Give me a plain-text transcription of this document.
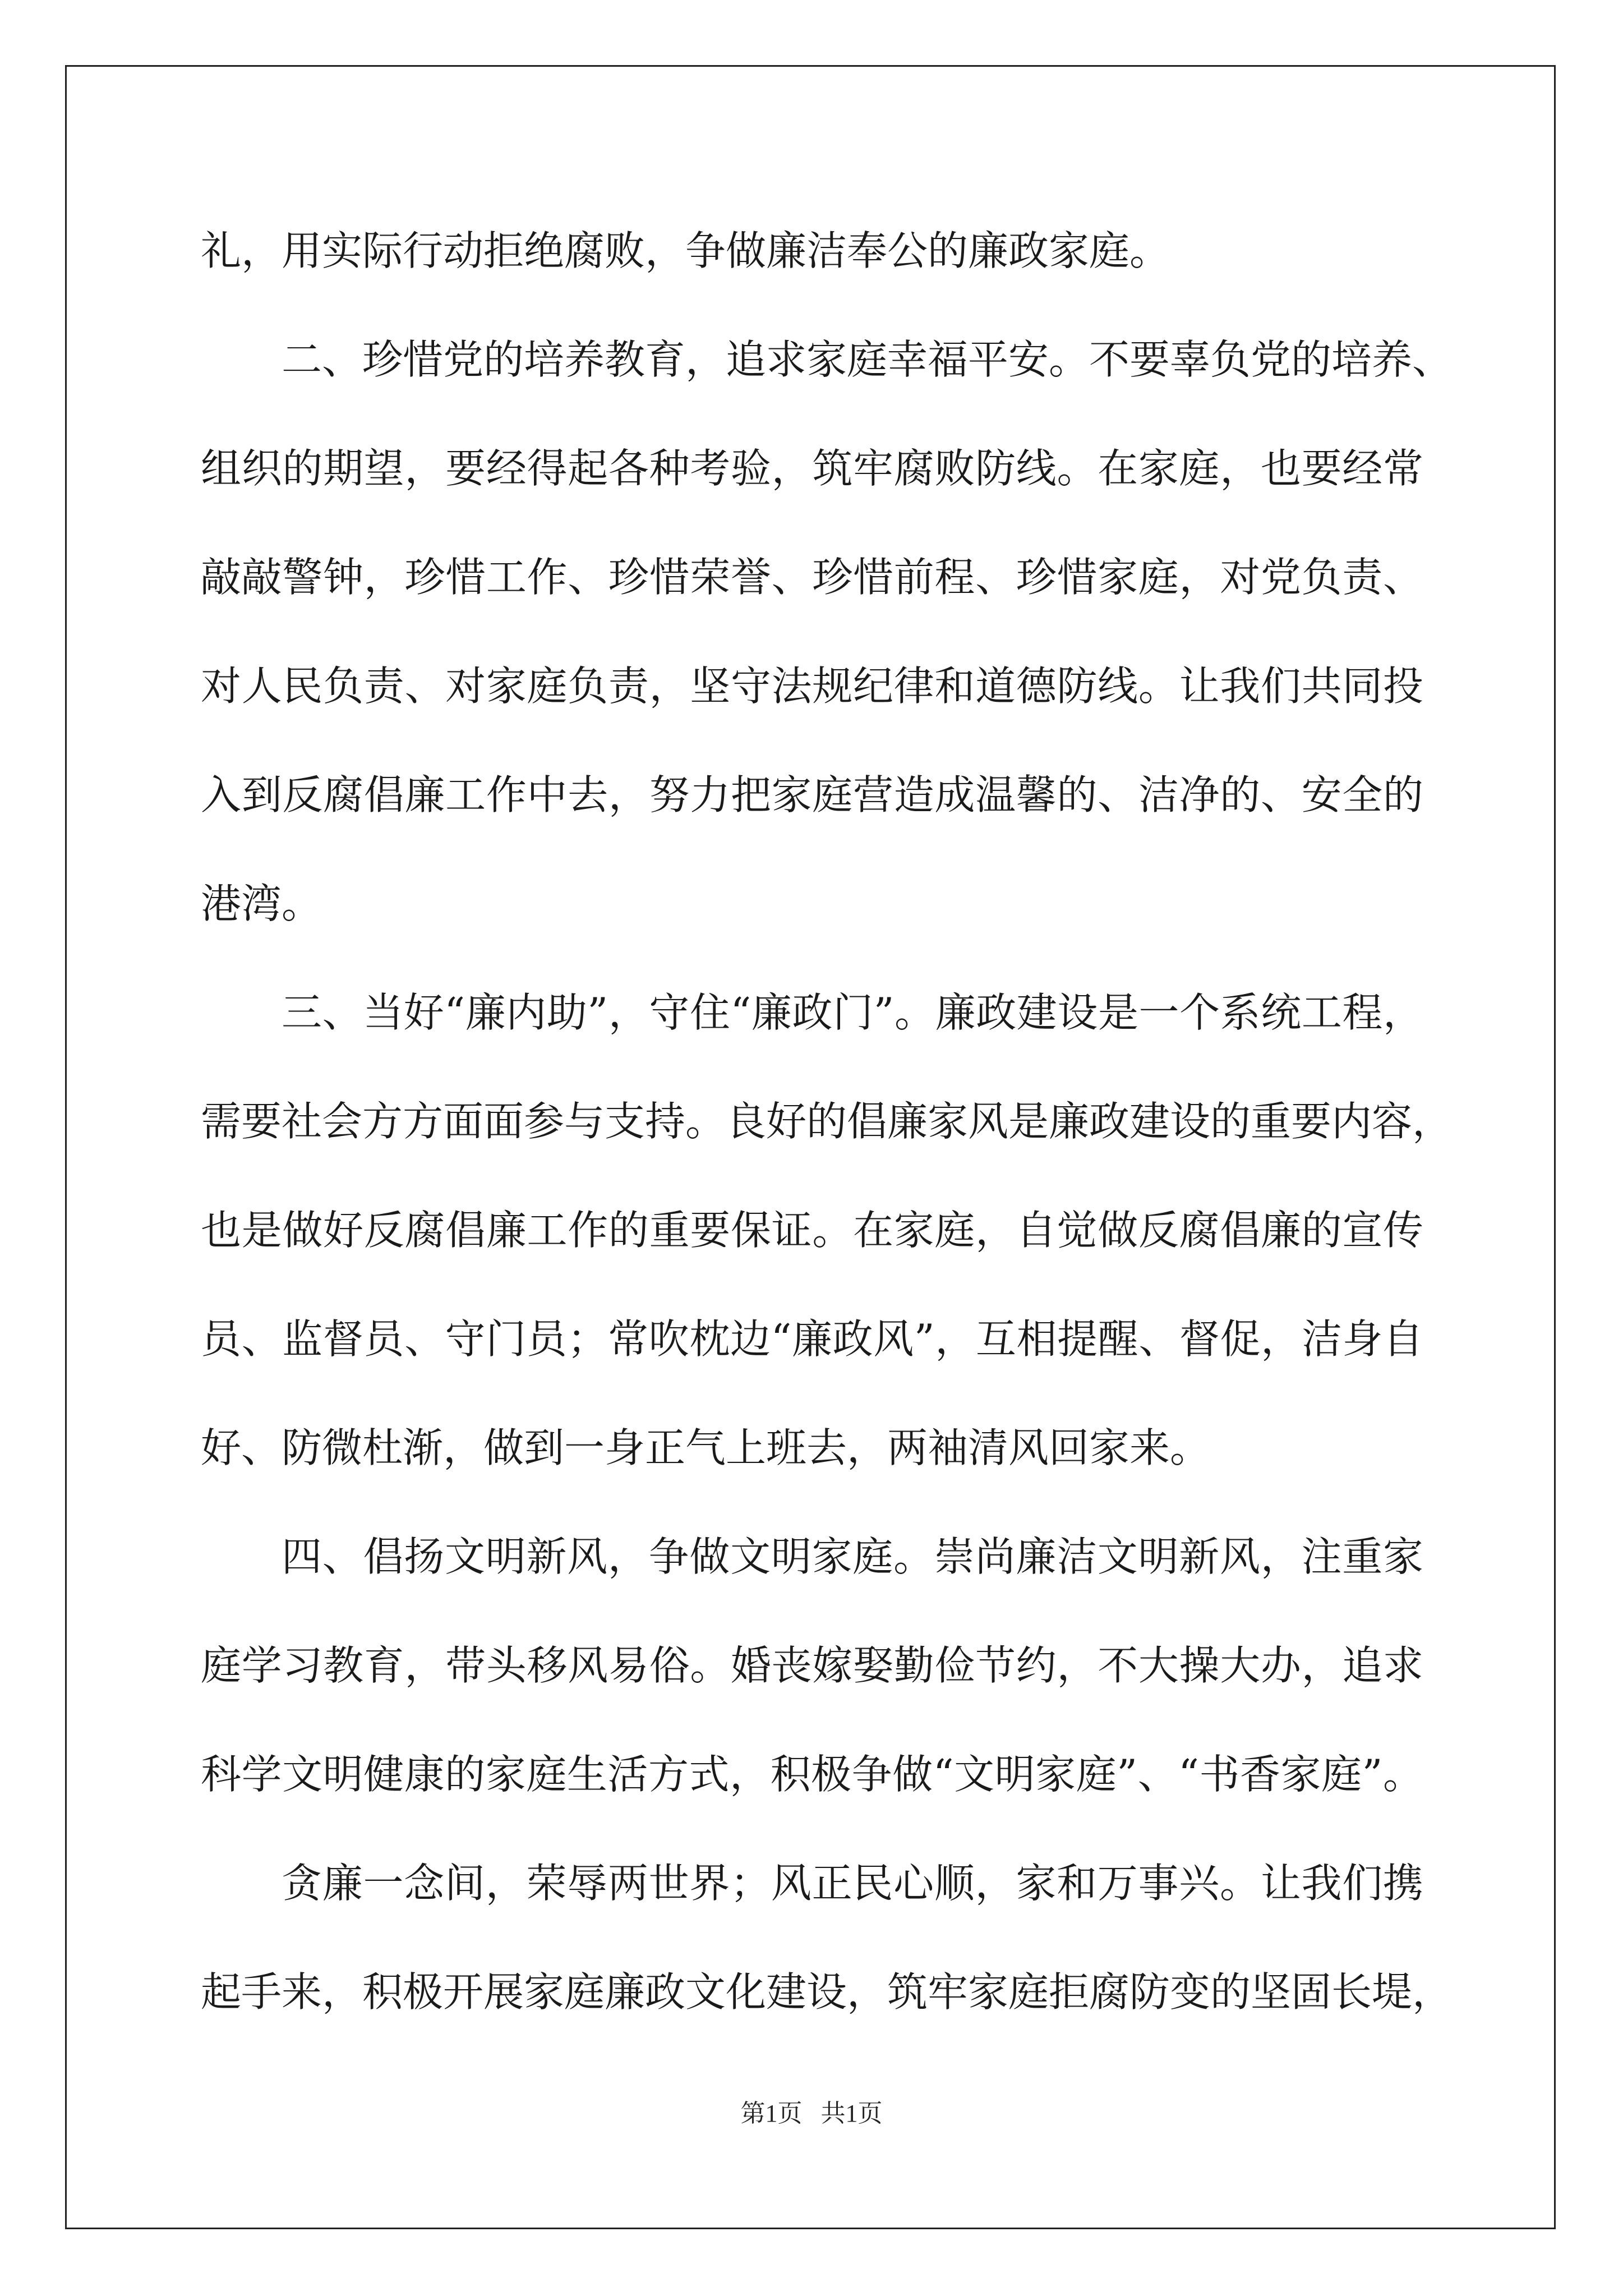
礼，用实际行动拒绝腐败，争做廉洁奉公的廉政家庭。
二、珍惜党的培养教育，追求家庭幸福平安。不要辜负党的培养、
组织的期望，要经得起各种考验，筑牢腐败防线。在家庭，也要经常
敲敲警钟，珍惜工作、珍惜荣誉、珍惜前程、珍惜家庭，对党负责、
对人民负责、对家庭负责，坚守法规纪律和道德防线。让我们共同投
入到反腐倡廉工作中去，努力把家庭营造成温馨的、洁净的、安全的
港湾。
三、当好“廉内助”，守住“廉政门”。廉政建设是一个系统工程，
需要社会方方面面参与支持。良好的倡廉家风是廉政建设的重要内容，
也是做好反腐倡廉工作的重要保证。在家庭，自觉做反腐倡廉的宣传
员、监督员、守门员；常吹枕边“廉政风”，互相提醒、督促，洁身自
好、防微杜渐，做到一身正气上班去，两袖清风回家来。
四、倡扬文明新风，争做文明家庭。崇尚廉洁文明新风，注重家
庭学习教育，带头移风易俗。婚丧嫁娶勤俭节约，不大操大办，追求
科学文明健康的家庭生活方式，积极争做“文明家庭”、“书香家庭”。
贪廉一念间，荣辱两世界；风正民心顺，家和万事兴。让我们携
起手来，积极开展家庭廉政文化建设，筑牢家庭拒腐防变的坚固长堤，
第1页   共1页
